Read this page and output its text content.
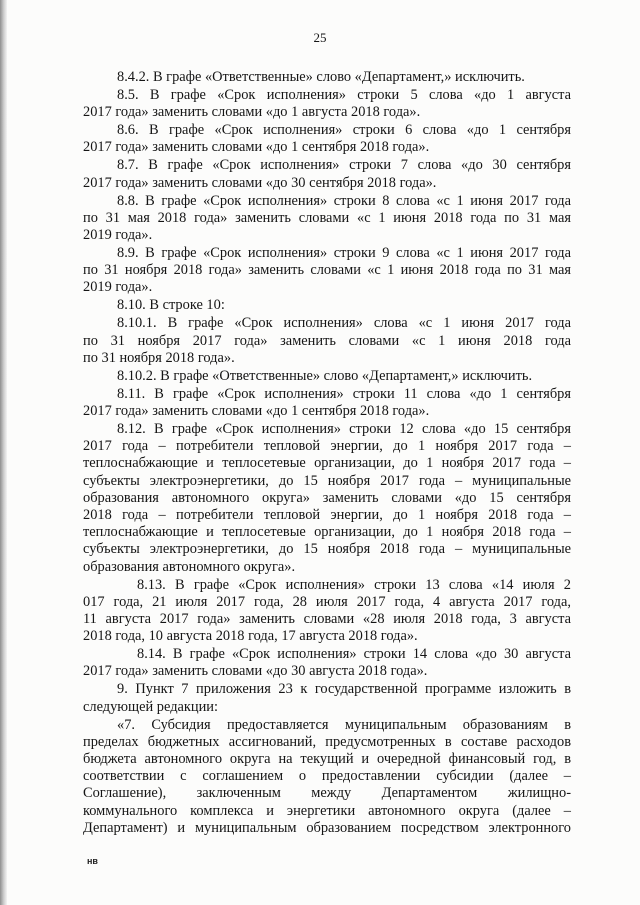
25
8.4.2. В графе «Ответственные» слово «Департамент,» исключить.
8.5. В графе «Срок исполнения» строки 5 слова «до 1 августа
2017 года» заменить словами «до 1 августа 2018 года».
8.6. В графе «Срок исполнения» строки 6 слова «до 1 сентября
2017 года» заменить словами «до 1 сентября 2018 года».
8.7. В графе «Срок исполнения» строки 7 слова «до 30 сентября
2017 года» заменить словами «до 30 сентября 2018 года».
8.8. В графе «Срок исполнения» строки 8 слова «с 1 июня 2017 года
по 31 мая 2018 года» заменить словами «с 1 июня 2018 года по 31 мая
2019 года».
8.9. В графе «Срок исполнения» строки 9 слова «с 1 июня 2017 года
по 31 ноября 2018 года» заменить словами «с 1 июня 2018 года по 31 мая
2019 года».
8.10. В строке 10:
8.10.1. В графе «Срок исполнения» слова «с 1 июня 2017 года
по 31 ноября 2017 года» заменить словами «с 1 июня 2018 года
по 31 ноября 2018 года».
8.10.2. В графе «Ответственные» слово «Департамент,» исключить.
8.11. В графе «Срок исполнения» строки 11 слова «до 1 сентября
2017 года» заменить словами «до 1 сентября 2018 года».
8.12. В графе «Срок исполнения» строки 12 слова «до 15 сентября
2017 года – потребители тепловой энергии, до 1 ноября 2017 года –
теплоснабжающие и теплосетевые организации, до 1 ноября 2017 года –
субъекты электроэнергетики, до 15 ноября 2017 года – муниципальные
образования автономного округа» заменить словами «до 15 сентября
2018 года – потребители тепловой энергии, до 1 ноября 2018 года –
теплоснабжающие и теплосетевые организации, до 1 ноября 2018 года –
субъекты электроэнергетики, до 15 ноября 2018 года – муниципальные
образования автономного округа».
8.13. В графе «Срок исполнения» строки 13 слова «14 июля 2
017 года, 21 июля 2017 года, 28 июля 2017 года, 4 августа 2017 года,
11 августа 2017 года» заменить словами «28 июля 2018 года, 3 августа
2018 года, 10 августа 2018 года, 17 августа 2018 года».
8.14. В графе «Срок исполнения» строки 14 слова «до 30 августа
2017 года» заменить словами «до 30 августа 2018 года».
9. Пункт 7 приложения 23 к государственной программе изложить в
следующей редакции:
«7. Субсидия предоставляется муниципальным образованиям в
пределах бюджетных ассигнований, предусмотренных в составе расходов
бюджета автономного округа на текущий и очередной финансовый год, в
соответствии с соглашением о предоставлении субсидии (далее –
Соглашение), заключенным между Департаментом жилищно-
коммунального комплекса и энергетики автономного округа (далее –
Департамент) и муниципальным образованием посредством электронного
нв
